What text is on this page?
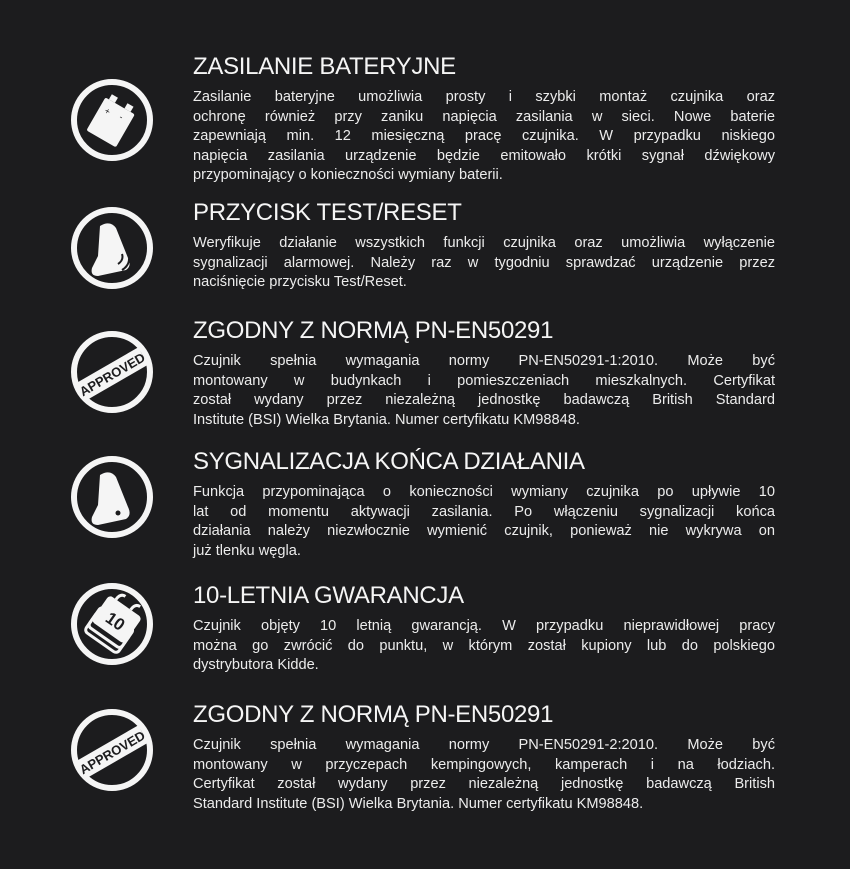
+
-
ZASILANIE BATERYJNE
Zasilanie bateryjne umożliwia prosty i szybki montaż czujnika oraz
ochronę również przy zaniku napięcia zasilania w sieci. Nowe baterie
zapewniają min. 12 miesięczną pracę czujnika. W przypadku niskiego
napięcia zasilania urządzenie będzie emitowało krótki sygnał dźwiękowy
przypominający o konieczności wymiany baterii.
PRZYCISK TEST/RESET
Weryfikuje działanie wszystkich funkcji czujnika oraz umożliwia wyłączenie
sygnalizacji alarmowej. Należy raz w tygodniu sprawdzać urządzenie przez
naciśnięcie przycisku Test/Reset.
APPROVED
ZGODNY Z NORMĄ PN-EN50291
Czujnik spełnia wymagania normy PN-EN50291-1:2010. Może być
montowany w budynkach i pomieszczeniach mieszkalnych. Certyfikat
został wydany przez niezależną jednostkę badawczą British Standard
Institute (BSI) Wielka Brytania. Numer certyfikatu KM98848.
SYGNALIZACJA KOŃCA DZIAŁANIA
Funkcja przypominająca o konieczności wymiany czujnika po upływie 10
lat od momentu aktywacji zasilania. Po włączeniu sygnalizacji końca
działania należy niezwłocznie wymienić czujnik, ponieważ nie wykrywa on
już tlenku węgla.
10
10-LETNIA GWARANCJA
Czujnik objęty 10 letnią gwarancją. W przypadku nieprawidłowej pracy
można go zwrócić do punktu, w którym został kupiony lub do polskiego
dystrybutora Kidde.
APPROVED
ZGODNY Z NORMĄ PN-EN50291
Czujnik spełnia wymagania normy PN-EN50291-2:2010. Może być
montowany w przyczepach kempingowych, kamperach i na łodziach.
Certyfikat został wydany przez niezależną jednostkę badawczą British
Standard Institute (BSI) Wielka Brytania. Numer certyfikatu KM98848.
